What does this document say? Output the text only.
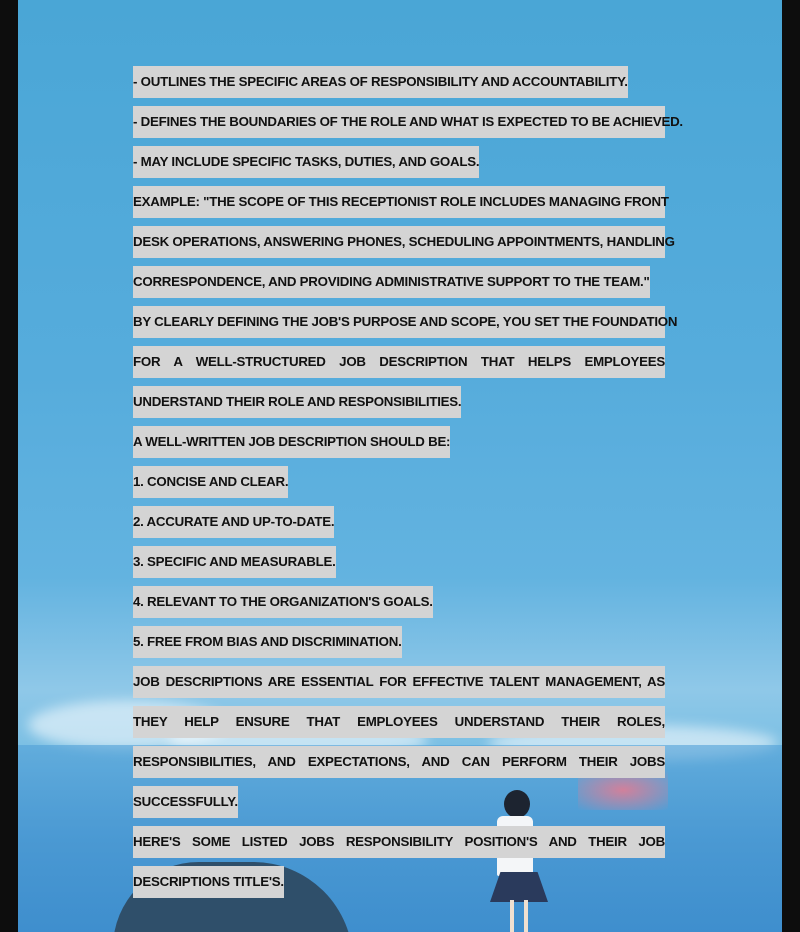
- OUTLINES THE SPECIFIC AREAS OF RESPONSIBILITY AND ACCOUNTABILITY.
- DEFINES THE BOUNDARIES OF THE ROLE AND WHAT IS EXPECTED TO BE ACHIEVED.
- MAY INCLUDE SPECIFIC TASKS, DUTIES, AND GOALS.
EXAMPLE: "THE SCOPE OF THIS RECEPTIONIST ROLE INCLUDES MANAGING FRONT
DESK OPERATIONS, ANSWERING PHONES, SCHEDULING APPOINTMENTS, HANDLING
CORRESPONDENCE, AND PROVIDING ADMINISTRATIVE SUPPORT TO THE TEAM."
BY CLEARLY DEFINING THE JOB'S PURPOSE AND SCOPE, YOU SET THE FOUNDATION
FOR A WELL-STRUCTURED JOB DESCRIPTION THAT HELPS EMPLOYEES
UNDERSTAND THEIR ROLE AND RESPONSIBILITIES.
A WELL-WRITTEN JOB DESCRIPTION SHOULD BE:
1. CONCISE AND CLEAR.
2. ACCURATE AND UP-TO-DATE.
3. SPECIFIC AND MEASURABLE.
4. RELEVANT TO THE ORGANIZATION'S GOALS.
5. FREE FROM BIAS AND DISCRIMINATION.
JOB DESCRIPTIONS ARE ESSENTIAL FOR EFFECTIVE TALENT MANAGEMENT, AS
THEY HELP ENSURE THAT EMPLOYEES UNDERSTAND THEIR ROLES,
RESPONSIBILITIES, AND EXPECTATIONS, AND CAN PERFORM THEIR JOBS
SUCCESSFULLY.
HERE'S SOME LISTED JOBS RESPONSIBILITY POSITION'S AND THEIR JOB
DESCRIPTIONS TITLE'S.
